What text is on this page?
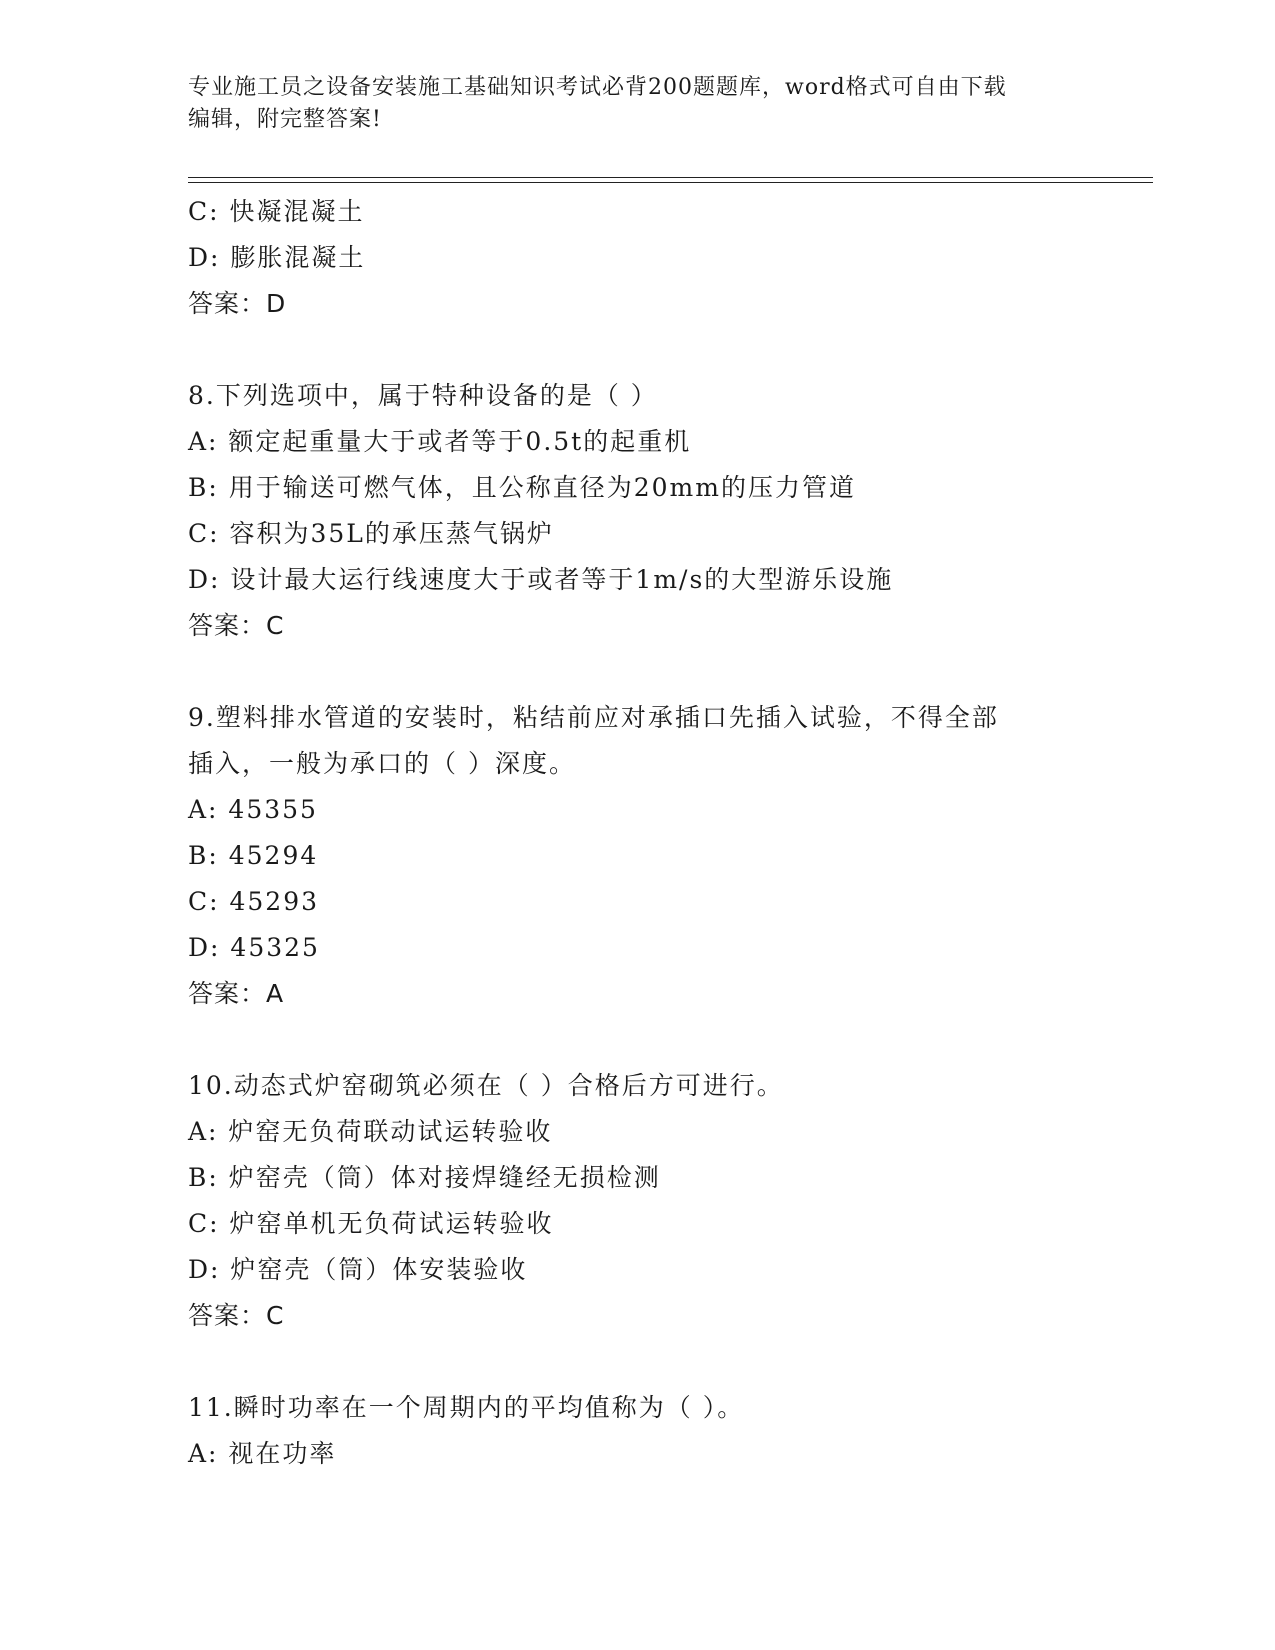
专业施工员之设备安装施工基础知识考试必背200题题库，word格式可自由下载
编辑，附完整答案!
C: 快凝混凝土
D: 膨胀混凝土
答案：D
8.下列选项中，属于特种设备的是（ ）
A: 额定起重量大于或者等于0.5t的起重机
B: 用于输送可燃气体，且公称直径为20mm的压力管道
C: 容积为35L的承压蒸气锅炉
D: 设计最大运行线速度大于或者等于1m/s的大型游乐设施
答案：C
9.塑料排水管道的安装时，粘结前应对承插口先插入试验，不得全部
插入，一般为承口的（ ）深度。
A: 45355
B: 45294
C: 45293
D: 45325
答案：A
10.动态式炉窑砌筑必须在（ ）合格后方可进行。
A: 炉窑无负荷联动试运转验收
B: 炉窑壳（筒）体对接焊缝经无损检测
C: 炉窑单机无负荷试运转验收
D: 炉窑壳（筒）体安装验收
答案：C
11.瞬时功率在一个周期内的平均值称为（ ）。
A: 视在功率
